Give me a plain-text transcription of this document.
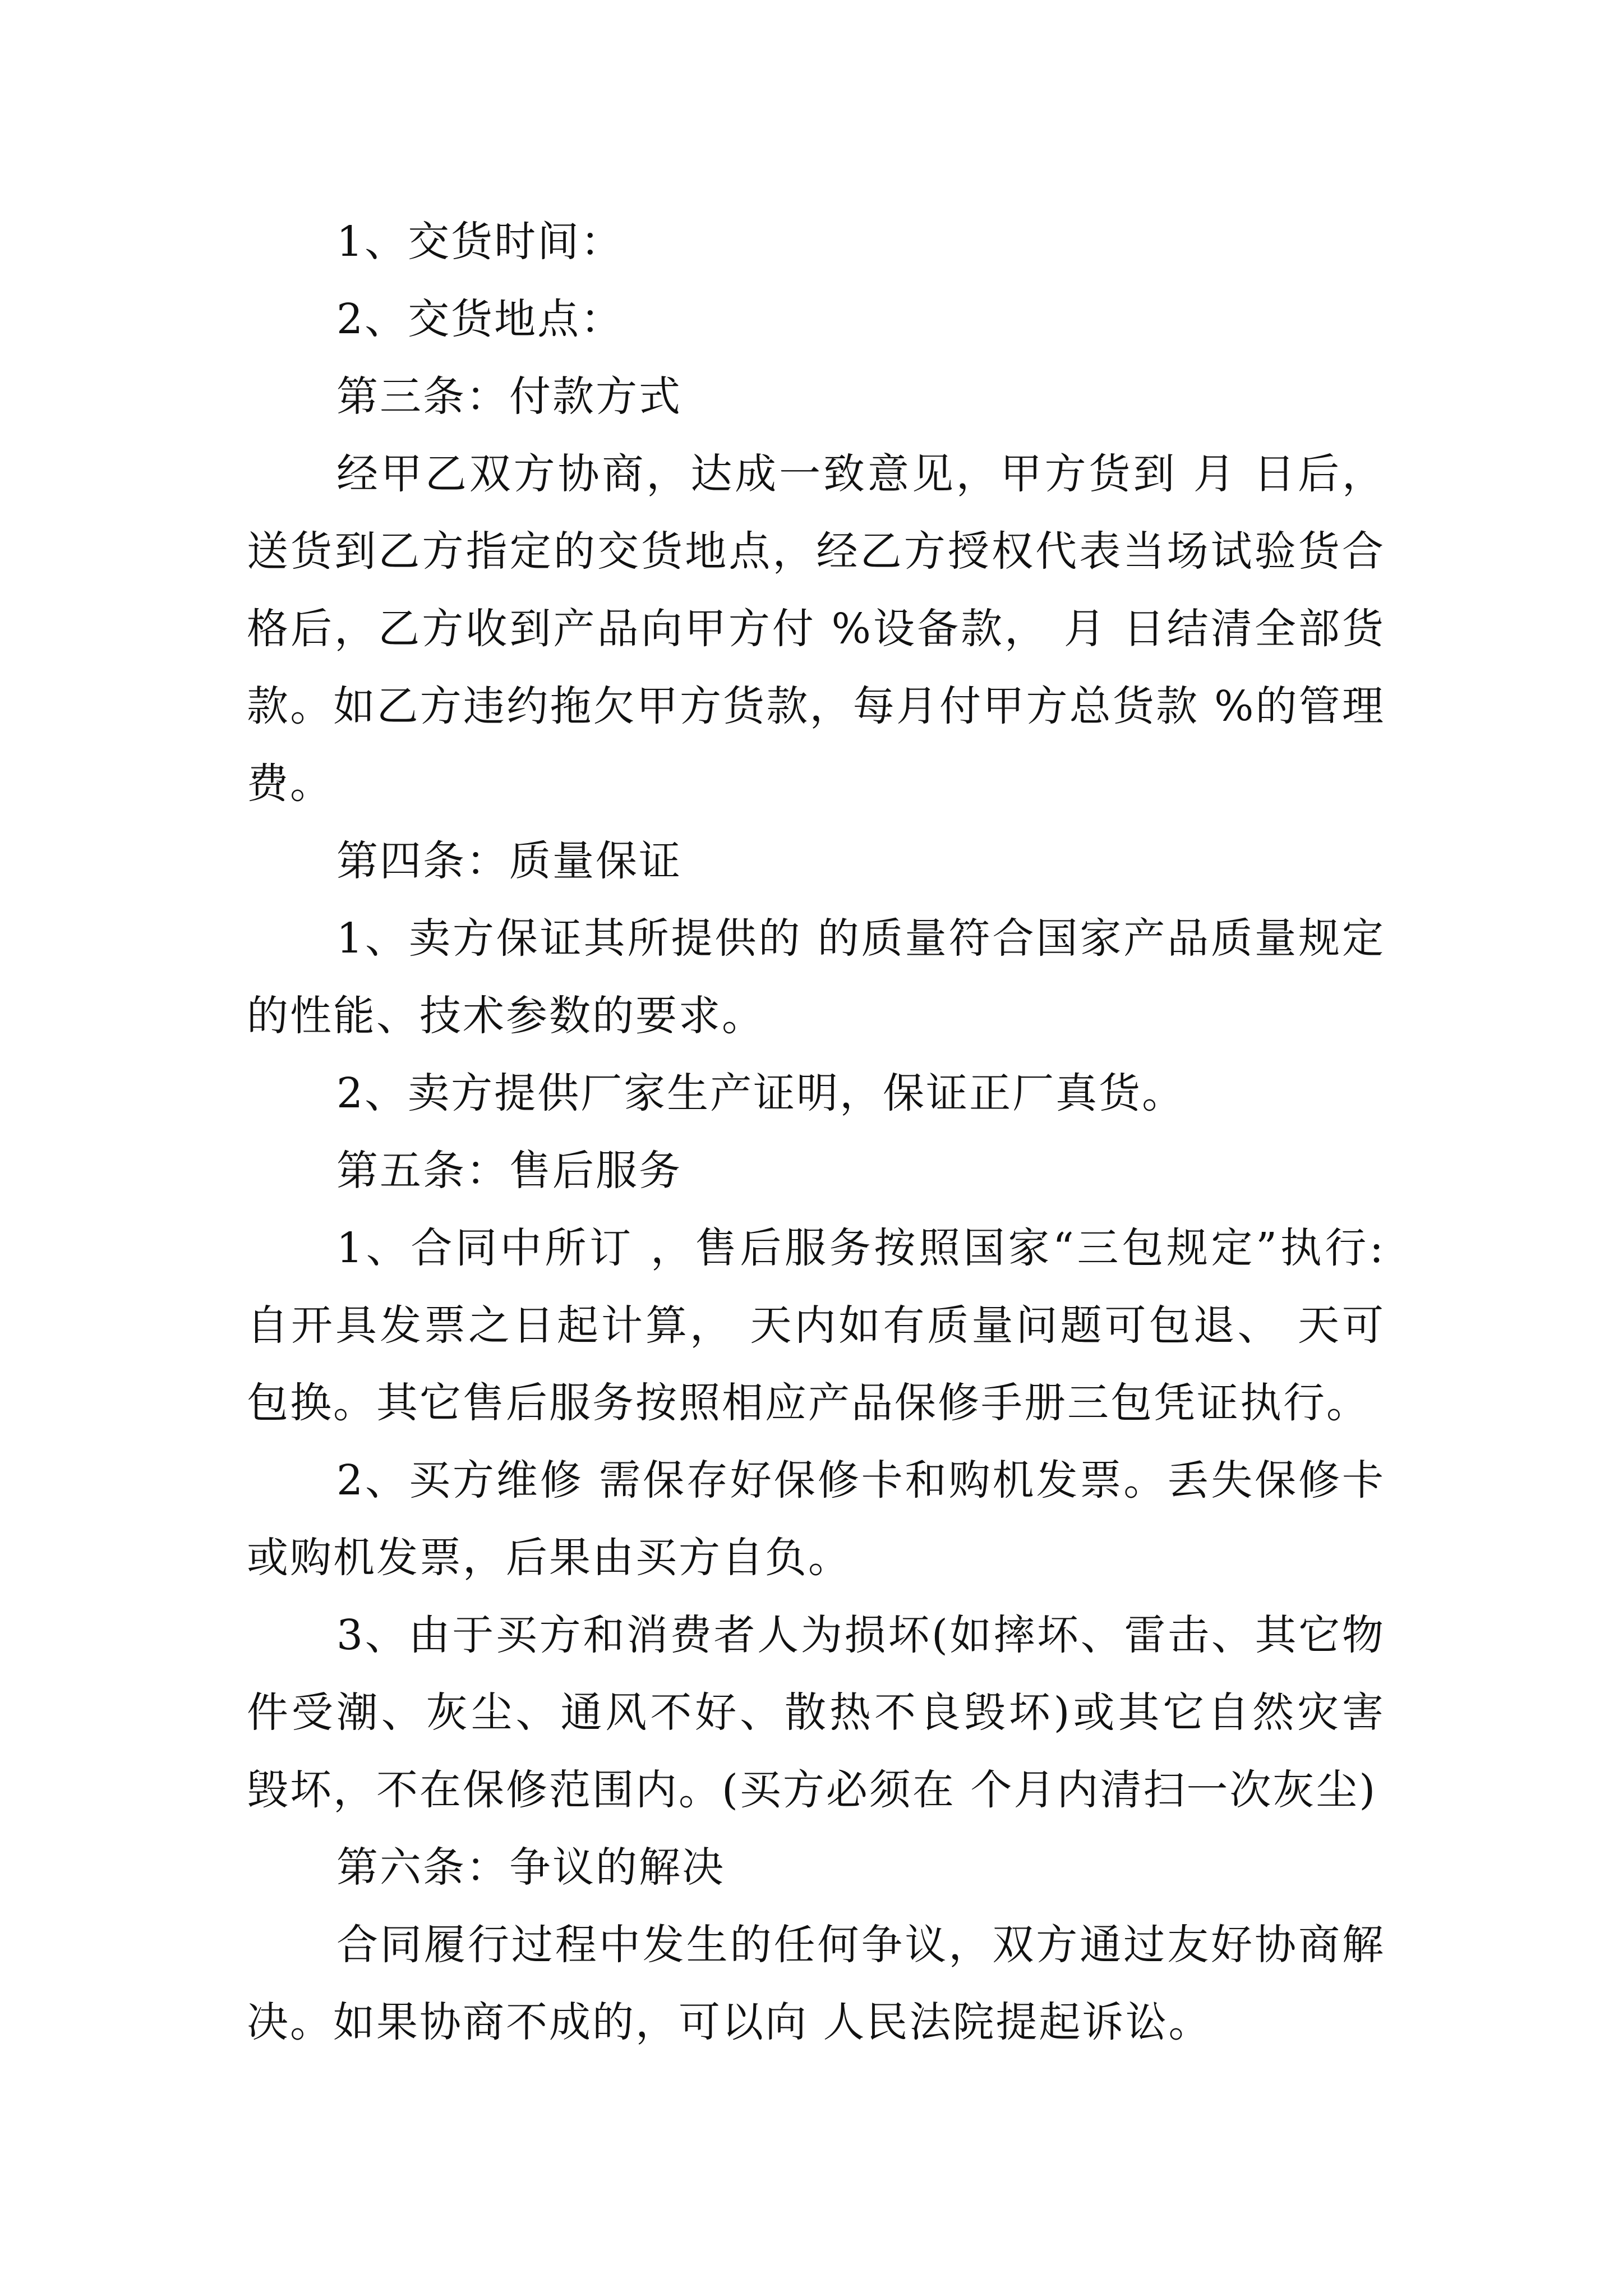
1、交货时间：

2、交货地点：

第三条：付款方式

经甲乙双方协商，达成一致意见，甲方货到 月 日后，送货到乙方指定的交货地点，经乙方授权代表当场试验货合格后，乙方收到产品向甲方付 %设备款， 月 日结清全部货款。如乙方违约拖欠甲方货款，每月付甲方总货款 %的管理费。

第四条：质量保证

1、卖方保证其所提供的 的质量符合国家产品质量规定的性能、技术参数的要求。

2、卖方提供厂家生产证明，保证正厂真货。

第五条：售后服务

1、合同中所订 ，售后服务按照国家“三包规定”执行:自开具发票之日起计算， 天内如有质量问题可包退、 天可包换。其它售后服务按照相应产品保修手册三包凭证执行。

2、买方维修 需保存好保修卡和购机发票。丢失保修卡或购机发票，后果由买方自负。

3、由于买方和消费者人为损坏(如摔坏、雷击、其它物件受潮、灰尘、通风不好、散热不良毁坏)或其它自然灾害毁坏，不在保修范围内。(买方必须在 个月内清扫一次灰尘)

第六条：争议的解决

合同履行过程中发生的任何争议，双方通过友好协商解决。如果协商不成的，可以向 人民法院提起诉讼。
